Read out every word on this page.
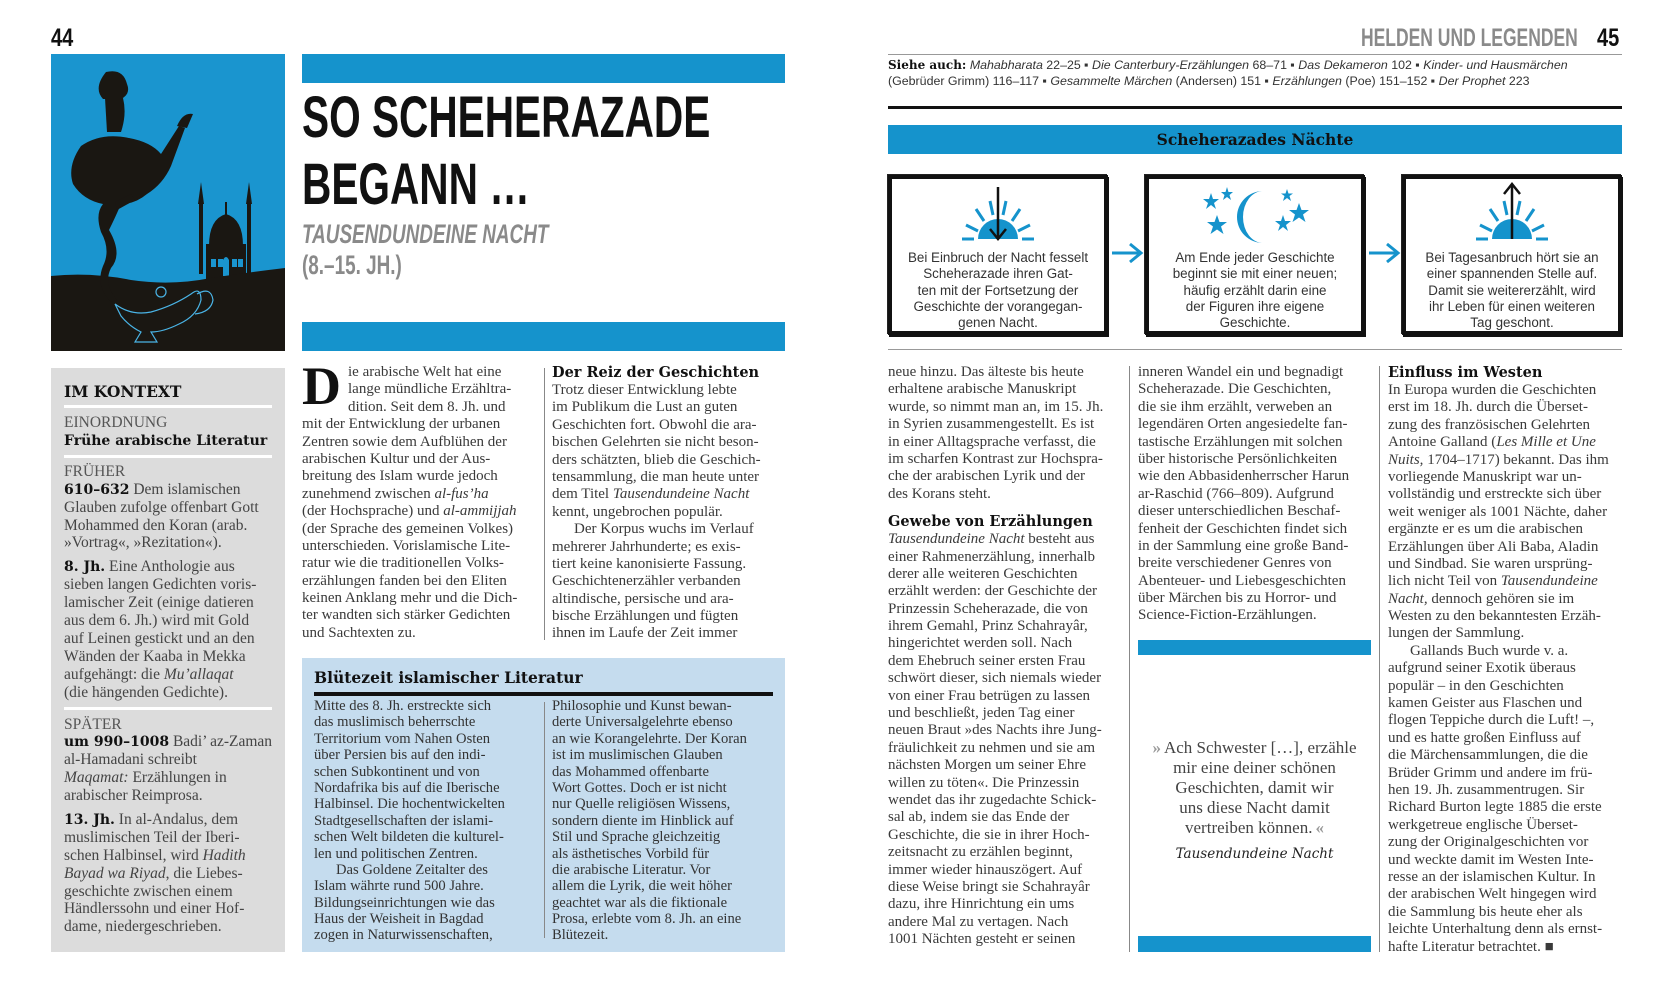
44
SO SCHEHERAZADE
BEGANN …
TAUSENDUNDEINE NACHT
(8.–15. JH.)
IM KONTEXT
EINORDNUNG
Frühe arabische Literatur
FRÜHER
610–632 Dem islamischen
Glauben zufolge offenbart Gott
Mohammed den Koran (arab.
»Vortrag«, »Rezitation«).
8. Jh. Eine Anthologie aus
sieben langen Gedichten voris-
lamischer Zeit (einige datieren
aus dem 6. Jh.) wird mit Gold
auf Leinen gestickt und an den
Wänden der Kaaba in Mekka
aufgehängt: die Mu’allaqat
(die hängenden Gedichte).
SPÄTER
um 990–1008 Badi’ az-Zaman
al-Hamadani schreibt
Maqamat: Erzählungen in
arabischer Reimprosa.
13. Jh. In al-Andalus, dem
muslimischen Teil der Iberi-
schen Halbinsel, wird Hadith
Bayad wa Riyad, die Liebes-
geschichte zwischen einem
Händlerssohn und einer Hof-
dame, niedergeschrieben.
D ie arabische Welt hat eine
lange mündliche Erzähltra-
dition. Seit dem 8. Jh. und
mit der Entwicklung der urbanen
Zentren sowie dem Aufblühen der
arabischen Kultur und der Aus-
breitung des Islam wurde jedoch
zunehmend zwischen al-fus’ha
(der Hochsprache) und al-ammijjah
(der Sprache des gemeinen Volkes)
unterschieden. Vorislamische Lite-
ratur wie die traditionellen Volks-
erzählungen fanden bei den Eliten
keinen Anklang mehr und die Dich-
ter wandten sich stärker Gedichten
und Sachtexten zu.
Der Reiz der Geschichten
Trotz dieser Entwicklung lebte
im Publikum die Lust an guten
Geschichten fort. Obwohl die ara-
bischen Gelehrten sie nicht beson-
ders schätzten, blieb die Geschich-
tensammlung, die man heute unter
dem Titel Tausendundeine Nacht
kennt, ungebrochen populär.
Der Korpus wuchs im Verlauf
mehrerer Jahrhunderte; es exis-
tiert keine kanonisierte Fassung.
Geschichtenerzähler verbanden
altindische, persische und ara-
bische Erzählungen und fügten
ihnen im Laufe der Zeit immer
Blütezeit islamischer Literatur
Mitte des 8. Jh. erstreckte sich
das muslimisch beherrschte
Territorium vom Nahen Osten
über Persien bis auf den indi-
schen Subkontinent und von
Nordafrika bis auf die Iberische
Halbinsel. Die hochentwickelten
Stadtgesellschaften der islami-
schen Welt bildeten die kulturel-
len und politischen Zentren.
Das Goldene Zeitalter des
Islam währte rund 500 Jahre.
Bildungseinrichtungen wie das
Haus der Weisheit in Bagdad
zogen in Naturwissenschaften,
Philosophie und Kunst bewan-
derte Universalgelehrte ebenso
an wie Korangelehrte. Der Koran
ist im muslimischen Glauben
das Mohammed offenbarte
Wort Gottes. Doch er ist nicht
nur Quelle religiösen Wissens,
sondern diente im Hinblick auf
Stil und Sprache gleichzeitig
als ästhetisches Vorbild für
die arabische Literatur. Vor
allem die Lyrik, die weit höher
geachtet war als die fiktionale
Prosa, erlebte vom 8. Jh. an eine
Blütezeit.
HELDEN UND LEGENDEN 45
Siehe auch: Mahabharata 22–25 ▪ Die Canterbury-Erzählungen 68–71 ▪ Das Dekameron 102 ▪ Kinder- und Hausmärchen
(Gebrüder Grimm) 116–117 ▪ Gesammelte Märchen (Andersen) 151 ▪ Erzählungen (Poe) 151–152 ▪ Der Prophet 223
Scheherazades Nächte
Bei Einbruch der Nacht fesselt
Scheherazade ihren Gat-
ten mit der Fortsetzung der
Geschichte der vorangegan-
genen Nacht.
Am Ende jeder Geschichte
beginnt sie mit einer neuen;
häufig erzählt darin eine
der Figuren ihre eigene
Geschichte.
Bei Tagesanbruch hört sie an
einer spannenden Stelle auf.
Damit sie weitererzählt, wird
ihr Leben für einen weiteren
Tag geschont.
neue hinzu. Das älteste bis heute
erhaltene arabische Manuskript
wurde, so nimmt man an, im 15. Jh.
in Syrien zusammengestellt. Es ist
in einer Alltagsprache verfasst, die
im scharfen Kontrast zur Hochspra-
che der arabischen Lyrik und der
des Korans steht.
Gewebe von Erzählungen
Tausendundeine Nacht besteht aus
einer Rahmenerzählung, innerhalb
derer alle weiteren Geschichten
erzählt werden: der Geschichte der
Prinzessin Scheherazade, die von
ihrem Gemahl, Prinz Schahrayâr,
hingerichtet werden soll. Nach
dem Ehebruch seiner ersten Frau
schwört dieser, sich niemals wieder
von einer Frau betrügen zu lassen
und beschließt, jeden Tag einer
neuen Braut »des Nachts ihre Jung-
fräulichkeit zu nehmen und sie am
nächsten Morgen um seiner Ehre
willen zu töten«. Die Prinzessin
wendet das ihr zugedachte Schick-
sal ab, indem sie das Ende der
Geschichte, die sie in ihrer Hoch-
zeitsnacht zu erzählen beginnt,
immer wieder hinauszögert. Auf
diese Weise bringt sie Schahrayâr
dazu, ihre Hinrichtung ein ums
andere Mal zu vertagen. Nach
1001 Nächten gesteht er seinen
inneren Wandel ein und begnadigt
Scheherazade. Die Geschichten,
die sie ihm erzählt, verweben an
legendären Orten angesiedelte fan-
tastische Erzählungen mit solchen
über historische Persönlichkeiten
wie den Abbasidenherrscher Harun
ar-Raschid (766–809). Aufgrund
dieser unterschiedlichen Beschaf-
fenheit der Geschichten findet sich
in der Sammlung eine große Band-
breite verschiedener Genres von
Abenteuer- und Liebesgeschichten
über Märchen bis zu Horror- und
Science-Fiction-Erzählungen.
» Ach Schwester […], erzähle
mir eine deiner schönen
Geschichten, damit wir
uns diese Nacht damit
vertreiben können. «
Tausendundeine Nacht
Einfluss im Westen
In Europa wurden die Geschichten
erst im 18. Jh. durch die Überset-
zung des französischen Gelehrten
Antoine Galland (Les Mille et Une
Nuits, 1704–1717) bekannt. Das ihm
vorliegende Manuskript war un-
vollständig und erstreckte sich über
weit weniger als 1001 Nächte, daher
ergänzte er es um die arabischen
Erzählungen über Ali Baba, Aladin
und Sindbad. Sie waren ursprüng-
lich nicht Teil von Tausendundeine
Nacht, dennoch gehören sie im
Westen zu den bekanntesten Erzäh-
lungen der Sammlung.
Gallands Buch wurde v. a.
aufgrund seiner Exotik überaus
populär – in den Geschichten
kamen Geister aus Flaschen und
flogen Teppiche durch die Luft! –,
und es hatte großen Einfluss auf
die Märchensammlungen, die die
Brüder Grimm und andere im frü-
hen 19. Jh. zusammentrugen. Sir
Richard Burton legte 1885 die erste
werkgetreue englische Überset-
zung der Originalgeschichten vor
und weckte damit im Westen Inte-
resse an der islamischen Kultur. In
der arabischen Welt hingegen wird
die Sammlung bis heute eher als
leichte Unterhaltung denn als ernst-
hafte Literatur betrachtet. ■
